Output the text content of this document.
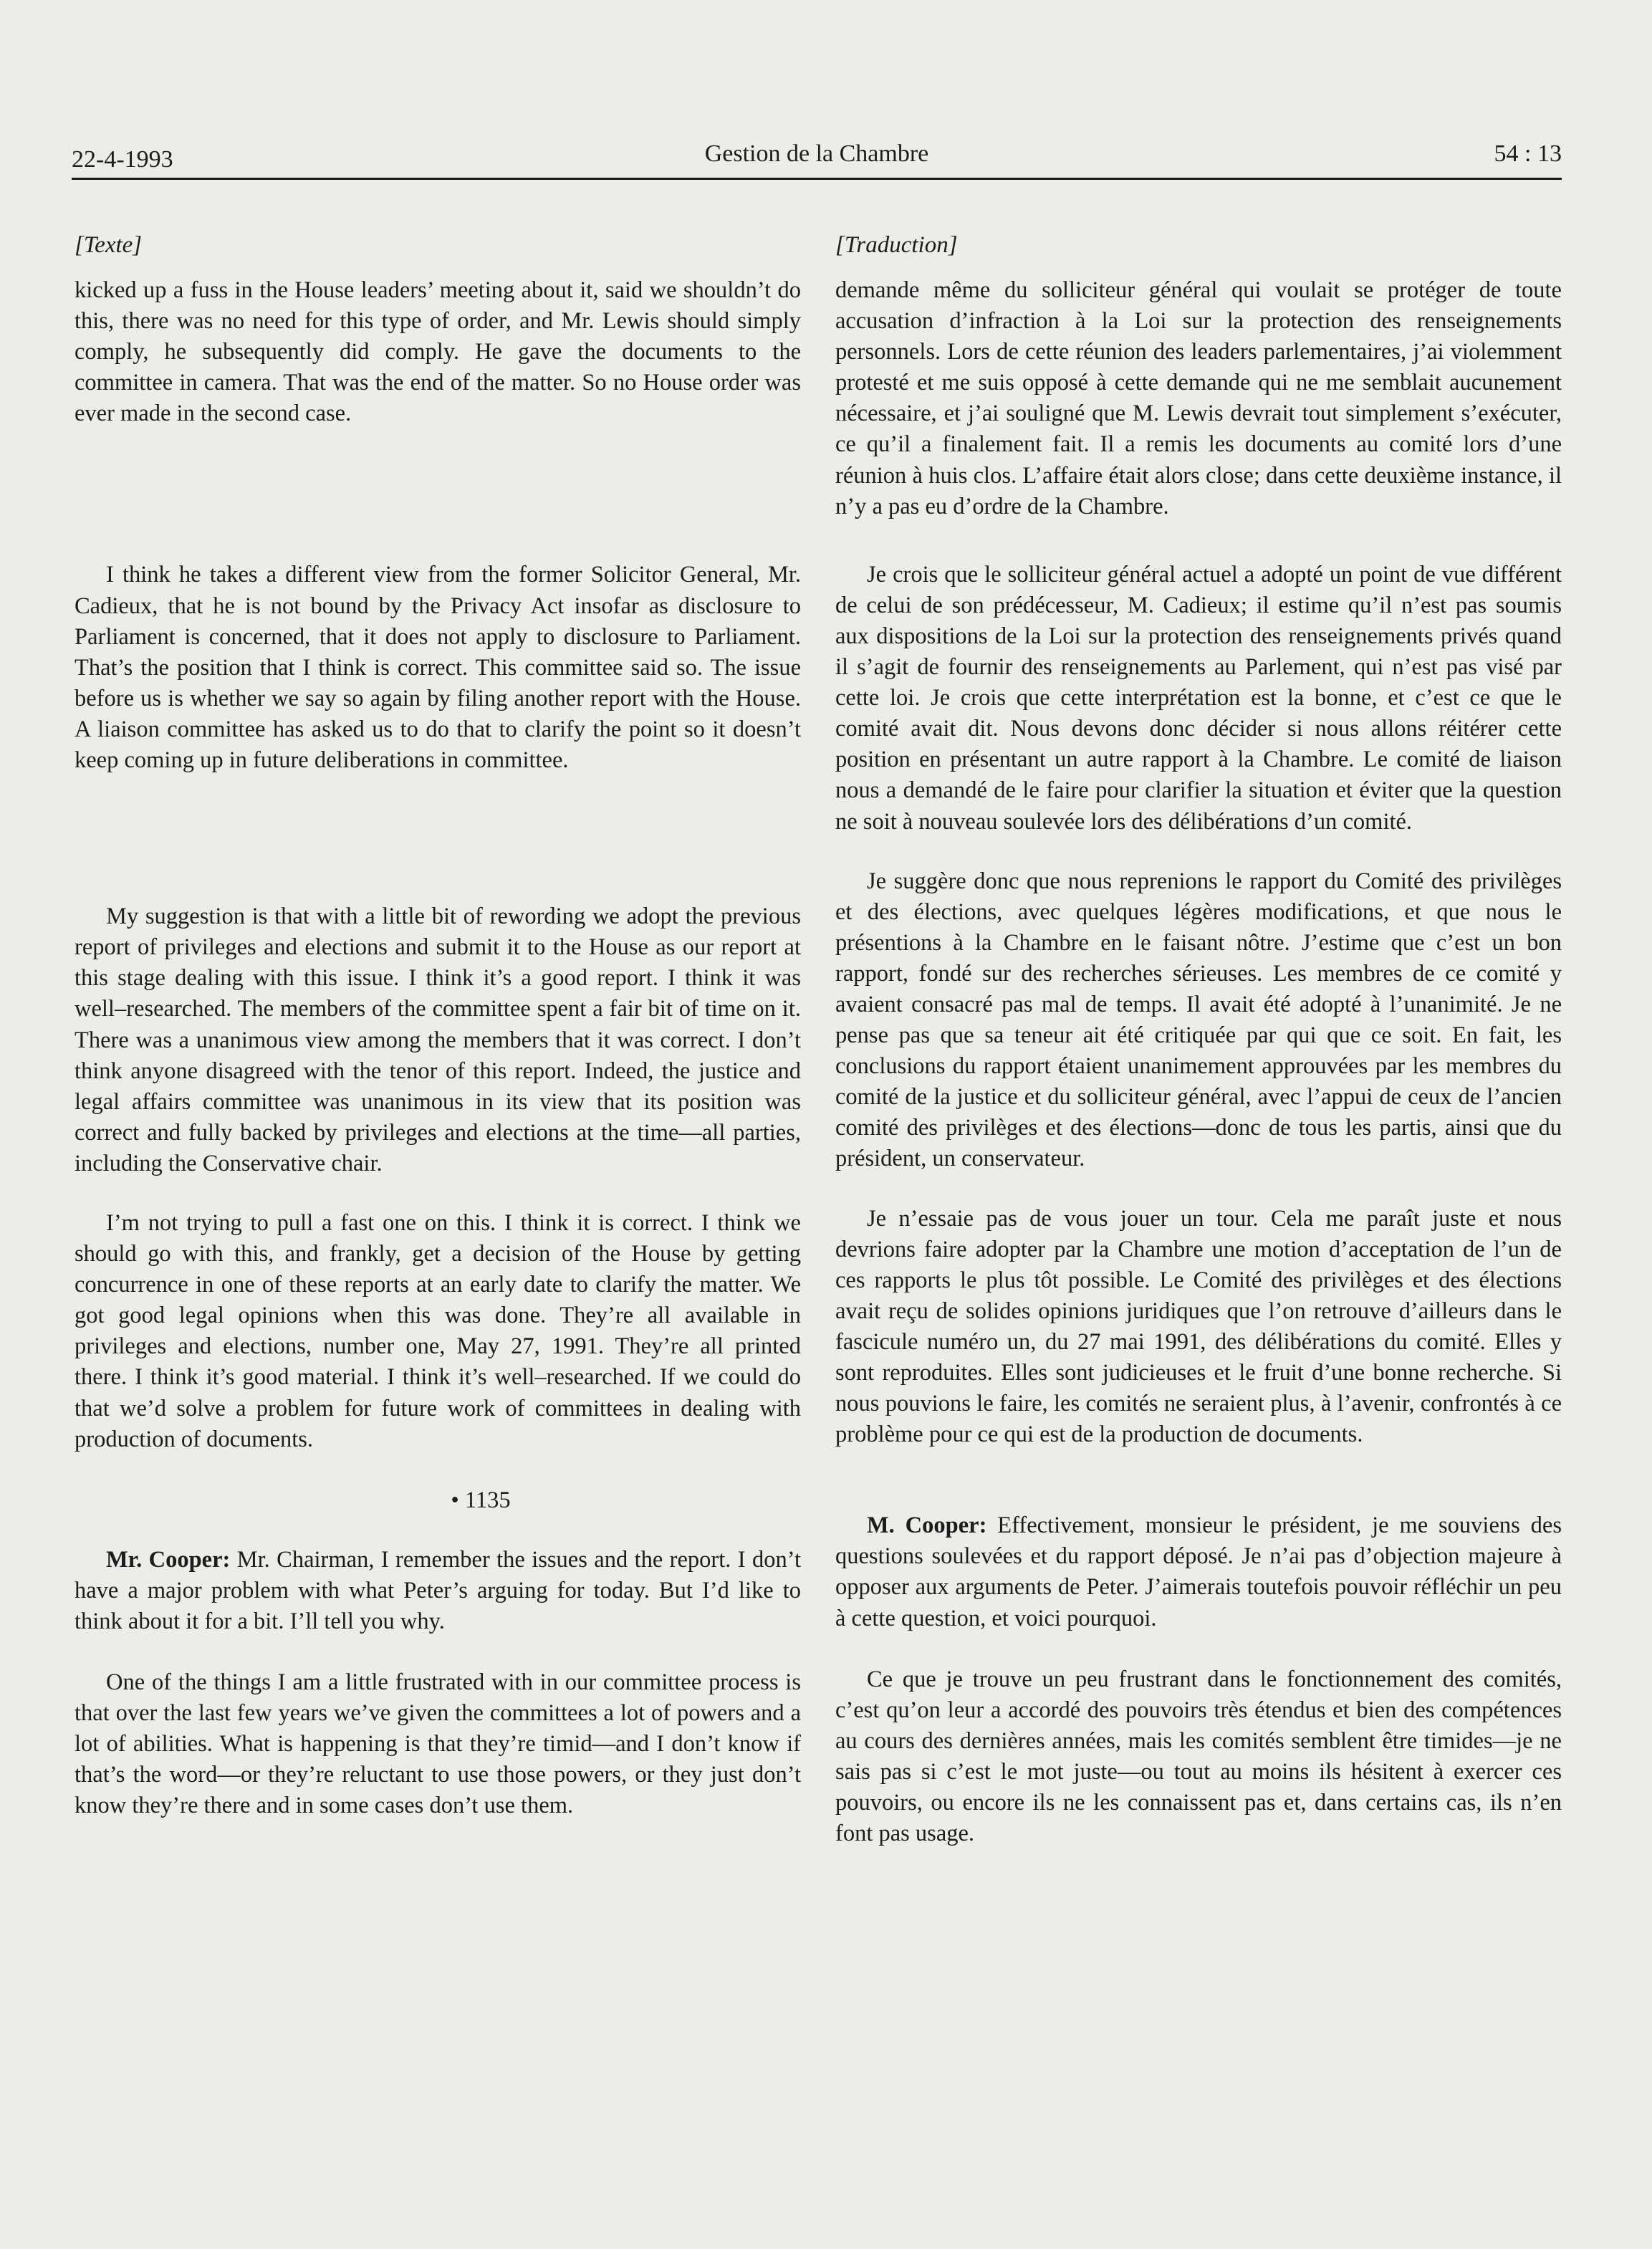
22-4-1993	Gestion de la Chambre	54 : 13
[Texte]

kicked up a fuss in the House leaders’ meeting about it, said we shouldn’t do this, there was no need for this type of order, and Mr. Lewis should simply comply, he subsequently did comply. He gave the documents to the committee in camera. That was the end of the matter. So no House order was ever made in the second case.

I think he takes a different view from the former Solicitor General, Mr. Cadieux, that he is not bound by the Privacy Act insofar as disclosure to Parliament is concerned, that it does not apply to disclosure to Parliament. That’s the position that I think is correct. This committee said so. The issue before us is whether we say so again by filing another report with the House. A liaison committee has asked us to do that to clarify the point so it doesn’t keep coming up in future deliberations in committee.

My suggestion is that with a little bit of rewording we adopt the previous report of privileges and elections and submit it to the House as our report at this stage dealing with this issue. I think it’s a good report. I think it was well–researched. The members of the committee spent a fair bit of time on it. There was a unanimous view among the members that it was correct. I don’t think anyone disagreed with the tenor of this report. Indeed, the justice and legal affairs committee was unanimous in its view that its position was correct and fully backed by privileges and elections at the time—all parties, including the Conservative chair.

I’m not trying to pull a fast one on this. I think it is correct. I think we should go with this, and frankly, get a decision of the House by getting concurrence in one of these reports at an early date to clarify the matter. We got good legal opinions when this was done. They’re all available in privileges and elections, number one, May 27, 1991. They’re all printed there. I think it’s good material. I think it’s well–researched. If we could do that we’d solve a problem for future work of committees in dealing with production of documents.

• 1135

Mr. Cooper: Mr. Chairman, I remember the issues and the report. I don’t have a major problem with what Peter’s arguing for today. But I’d like to think about it for a bit. I’ll tell you why.

One of the things I am a little frustrated with in our committee process is that over the last few years we’ve given the committees a lot of powers and a lot of abilities. What is happening is that they’re timid—and I don’t know if that’s the word—or they’re reluctant to use those powers, or they just don’t know they’re there and in some cases don’t use them.

[Traduction]

demande même du solliciteur général qui voulait se protéger de toute accusation d’infraction à la Loi sur la protection des renseignements personnels. Lors de cette réunion des leaders parlementaires, j’ai violemment protesté et me suis opposé à cette demande qui ne me semblait aucunement nécessaire, et j’ai souligné que M. Lewis devrait tout simplement s’exécuter, ce qu’il a finalement fait. Il a remis les documents au comité lors d’une réunion à huis clos. L’affaire était alors close; dans cette deuxième instance, il n’y a pas eu d’ordre de la Chambre.

Je crois que le solliciteur général actuel a adopté un point de vue différent de celui de son prédécesseur, M. Cadieux; il estime qu’il n’est pas soumis aux dispositions de la Loi sur la protection des renseignements privés quand il s’agit de fournir des renseignements au Parlement, qui n’est pas visé par cette loi. Je crois que cette interprétation est la bonne, et c’est ce que le comité avait dit. Nous devons donc décider si nous allons réitérer cette position en présentant un autre rapport à la Chambre. Le comité de liaison nous a demandé de le faire pour clarifier la situation et éviter que la question ne soit à nouveau soulevée lors des délibérations d’un comité.

Je suggère donc que nous reprenions le rapport du Comité des privilèges et des élections, avec quelques légères modifications, et que nous le présentions à la Chambre en le faisant nôtre. J’estime que c’est un bon rapport, fondé sur des recherches sérieuses. Les membres de ce comité y avaient consacré pas mal de temps. Il avait été adopté à l’unanimité. Je ne pense pas que sa teneur ait été critiquée par qui que ce soit. En fait, les conclusions du rapport étaient unanimement approuvées par les membres du comité de la justice et du solliciteur général, avec l’appui de ceux de l’ancien comité des privilèges et des élections—donc de tous les partis, ainsi que du président, un conservateur.

Je n’essaie pas de vous jouer un tour. Cela me paraît juste et nous devrions faire adopter par la Chambre une motion d’acceptation de l’un de ces rapports le plus tôt possible. Le Comité des privilèges et des élections avait reçu de solides opinions juridiques que l’on retrouve d’ailleurs dans le fascicule numéro un, du 27 mai 1991, des délibérations du comité. Elles y sont reproduites. Elles sont judicieuses et le fruit d’une bonne recherche. Si nous pouvions le faire, les comités ne seraient plus, à l’avenir, confrontés à ce problème pour ce qui est de la production de documents.

M. Cooper: Effectivement, monsieur le président, je me souviens des questions soulevées et du rapport déposé. Je n’ai pas d’objection majeure à opposer aux arguments de Peter. J’aimerais toutefois pouvoir réfléchir un peu à cette question, et voici pourquoi.

Ce que je trouve un peu frustrant dans le fonctionnement des comités, c’est qu’on leur a accordé des pouvoirs très étendus et bien des compétences au cours des dernières années, mais les comités semblent être timides—je ne sais pas si c’est le mot juste—ou tout au moins ils hésitent à exercer ces pouvoirs, ou encore ils ne les connaissent pas et, dans certains cas, ils n’en font pas usage.
